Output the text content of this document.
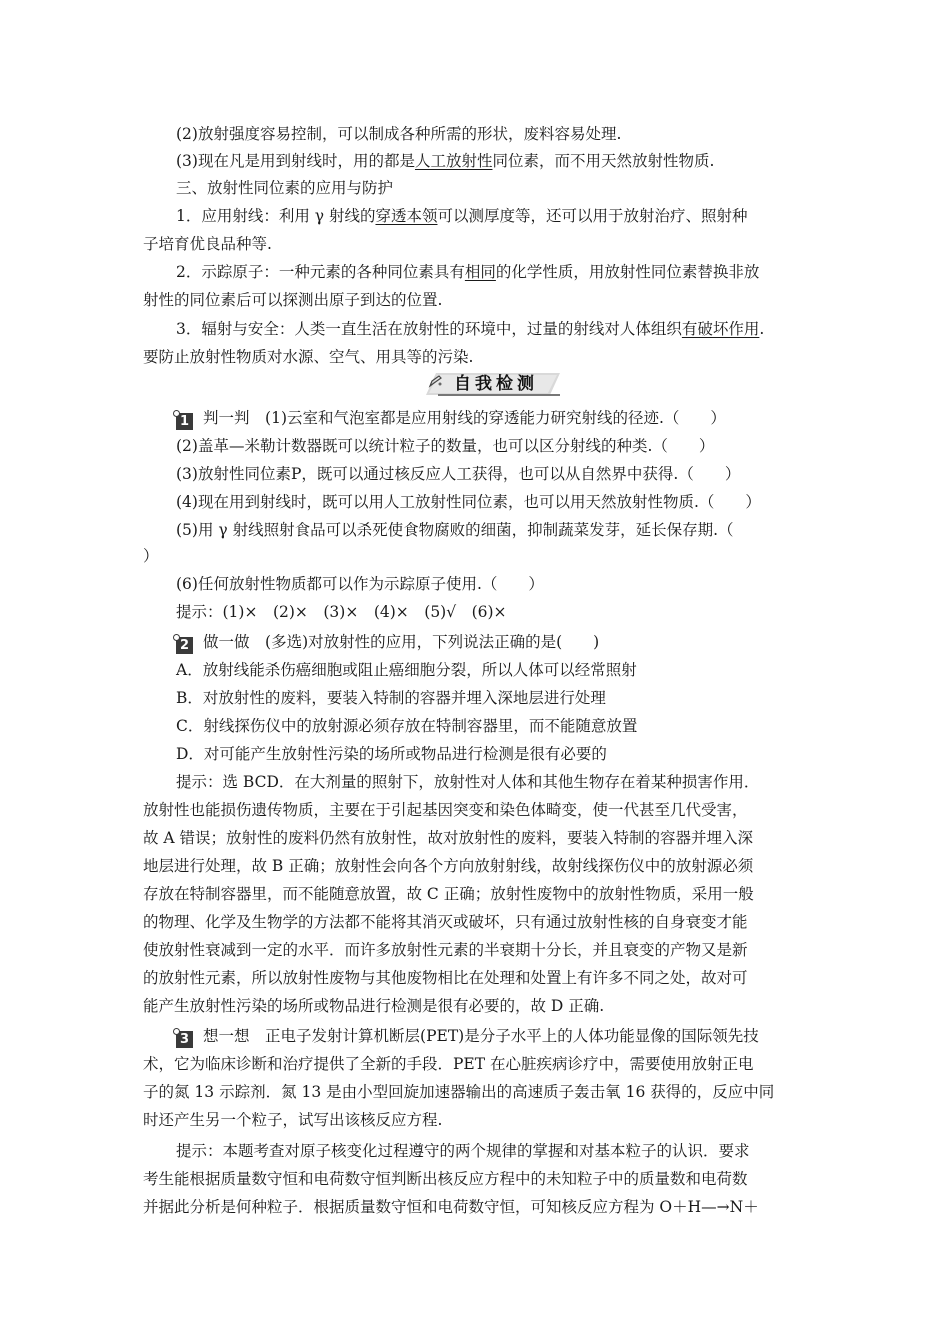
(2)放射强度容易控制，可以制成各种所需的形状，废料容易处理.
(3)现在凡是用到射线时，用的都是人工放射性同位素，而不用天然放射性物质.
三、放射性同位素的应用与防护
1．应用射线：利用 γ 射线的穿透本领可以测厚度等，还可以用于放射治疗、照射种
子培育优良品种等.
2．示踪原子：一种元素的各种同位素具有相同的化学性质，用放射性同位素替换非放
射性的同位素后可以探测出原子到达的位置.
3．辐射与安全：人类一直生活在放射性的环境中，过量的射线对人体组织有破坏作用.
要防止放射性物质对水源、空气、用具等的污染.
自我检测
1 判一判　 (1)云室和气泡室都是应用射线的穿透能力研究射线的径迹.（　　）
(2)盖革—米勒计数器既可以统计粒子的数量，也可以区分射线的种类.（　　）
(3)放射性同位素P，既可以通过核反应人工获得，也可以从自然界中获得.（　　）
(4)现在用到射线时，既可以用人工放射性同位素，也可以用天然放射性物质.（　　）
(5)用 γ 射线照射食品可以杀死使食物腐败的细菌，抑制蔬菜发芽，延长保存期.（
）
(6)任何放射性物质都可以作为示踪原子使用.（　　）
提示：(1)×　(2)×　(3)×　(4)×　(5)√　(6)×
2 做一做　 (多选)对放射性的应用，下列说法正确的是(　　)
A．放射线能杀伤癌细胞或阻止癌细胞分裂，所以人体可以经常照射
B．对放射性的废料，要装入特制的容器并埋入深地层进行处理
C．射线探伤仪中的放射源必须存放在特制容器里，而不能随意放置
D．对可能产生放射性污染的场所或物品进行检测是很有必要的
提示：选 BCD．在大剂量的照射下，放射性对人体和其他生物存在着某种损害作用．
放射性也能损伤遗传物质，主要在于引起基因突变和染色体畸变，使一代甚至几代受害，
故 A 错误；放射性的废料仍然有放射性，故对放射性的废料，要装入特制的容器并埋入深
地层进行处理，故 B 正确；放射性会向各个方向放射射线，故射线探伤仪中的放射源必须
存放在特制容器里，而不能随意放置，故 C 正确；放射性废物中的放射性物质，采用一般
的物理、化学及生物学的方法都不能将其消灭或破坏，只有通过放射性核的自身衰变才能
使放射性衰减到一定的水平．而许多放射性元素的半衰期十分长，并且衰变的产物又是新
的放射性元素，所以放射性废物与其他废物相比在处理和处置上有许多不同之处，故对可
能产生放射性污染的场所或物品进行检测是很有必要的，故 D 正确.
3 想一想　 正电子发射计算机断层(PET)是分子水平上的人体功能显像的国际领先技
术，它为临床诊断和治疗提供了全新的手段．PET 在心脏疾病诊疗中，需要使用放射正电
子的氮 13 示踪剂．氮 13 是由小型回旋加速器输出的高速质子轰击氧 16 获得的，反应中同
时还产生另一个粒子，试写出该核反应方程.
提示：本题考查对原子核变化过程遵守的两个规律的掌握和对基本粒子的认识．要求
考生能根据质量数守恒和电荷数守恒判断出核反应方程中的未知粒子中的质量数和电荷数
并据此分析是何种粒子．根据质量数守恒和电荷数守恒，可知核反应方程为 O＋H—→N＋
